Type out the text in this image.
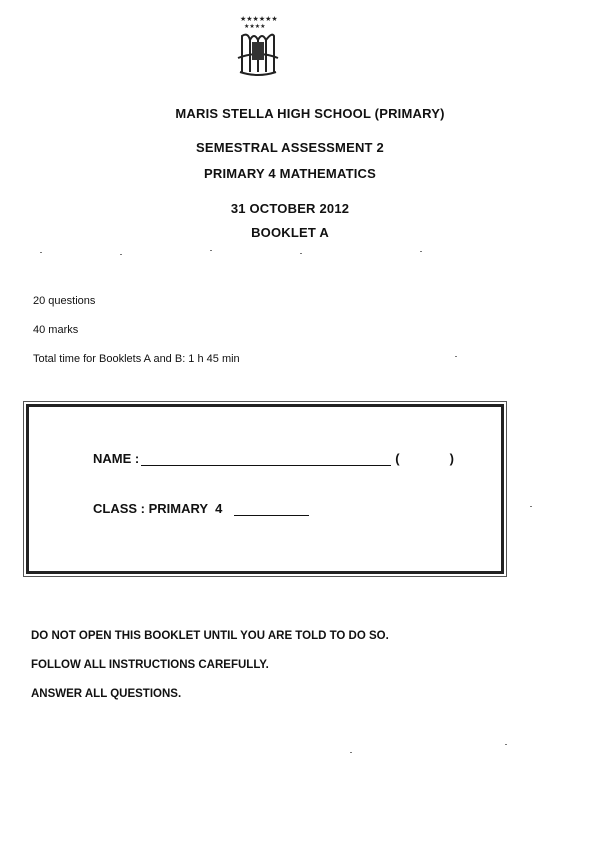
★★★★★★
★★★★
MARIS STELLA HIGH SCHOOL (PRIMARY)
SEMESTRAL ASSESSMENT 2
PRIMARY 4 MATHEMATICS
31 OCTOBER 2012
BOOKLET A
20 questions
40 marks
Total time for Booklets A and B: 1 h 45 min
NAME :	(	)
CLASS : PRIMARY  4
DO NOT OPEN THIS BOOKLET UNTIL YOU ARE TOLD TO DO SO.
FOLLOW ALL INSTRUCTIONS CAREFULLY.
ANSWER ALL QUESTIONS.
